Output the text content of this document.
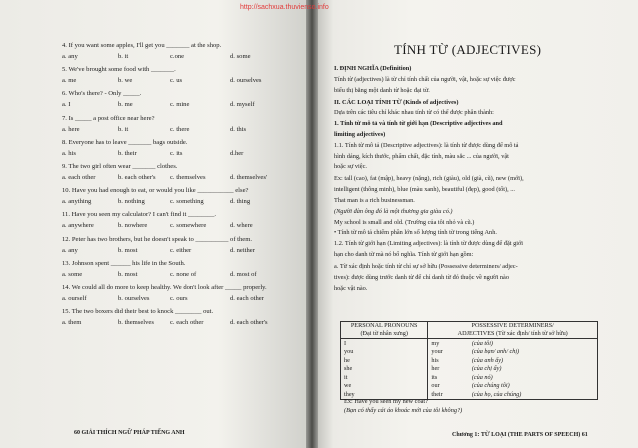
http://sachxua.thuvienso.info
4. If you want some apples, I'll get you _______ at the shop.
a. any	b. it	c.one	d. some
5. We've brought some food with _______.
a. me	b. we	c. us	d. ourselves
6. Who's there? - Only _____.
a. I	b. me	c. mine	d. myself
7. Is _____ a post office near here?
a. here	b. it	c. there	d. this
8. Everyone has to leave _______ bags outside.
a. his	b. their	c. its	d.her
9. The two girl often wear _______ clothes.
a. each other	b. each other's c. themselves	d. themselves'
10. Have you had enough to eat, or would you like ___________ else?
a. anything	b. nothing	c. something	d. thing
11. Have you seen my calculator? I can't find it ________.
a. anywhere	b. nowhere	c. somewhere	d. where
12. Peter has two brothers, but he doesn't speak to __________ of them.
a. any	b. most	c. either	d. neither
13. Johnson spent ______ his life in the South.
a. some	b. most	c. none of	d. most of
14. We could all do more to keep healthy. We don't look after _____ properly.
a. ourself	b. ourselves	c. ours	d. each other
15. The two boxers did their best to knock ________ out.
a. them	b. themselves c. each other	d. each other's
60 GIẢI THÍCH NGỮ PHÁP TIẾNG ANH
TÍNH TỪ (ADJECTIVES)
I. ĐỊNH NGHĨA (Definition)
Tính từ (adjectives) là từ chỉ tính chất của người, vật, hoặc sự việc được
biểu thị bằng một danh từ hoặc đại từ.
II. CÁC LOẠI TÍNH TỪ (Kinds of adjectives)
Dựa trên các tiêu chí khác nhau tính từ có thể được phân thành:
1. Tính từ mô tả và tính từ giới hạn (Descriptive adjectives and
limiting adjectives)
1.1. Tính từ mô tả (Descriptive adjectives): là tính từ được dùng để mô tả
hình dáng, kích thước, phẩm chất, đặc tính, màu sắc ... của người, vật
hoặc sự việc.
Ex: tall (cao), fat (mập), heavy (nặng), rich (giàu), old (già, cũ), new (mới),
intelligent (thông minh), blue (màu xanh), beautiful (đẹp), good (tốt), ...
That man is a rich businessman.
(Người đàn ông đó là một thương gia giàu có.)
My school is small and old. (Trường của tôi nhỏ và cũ.)
• Tính từ mô tả chiếm phần lớn số lượng tính từ trong tiếng Anh.
1.2. Tính từ giới hạn (Limiting adjectives): là tính từ được dùng để đặt giới
hạn cho danh từ mà nó bổ nghĩa. Tính từ giới hạn gồm:
a. Từ xác định hoặc tính từ chỉ sự sở hữu (Possessive determiners/ adjec-
tives): được dùng trước danh từ để chỉ danh từ đó thuộc về người nào
hoặc vật nào.
PERSONAL PRONOUNS
(Đại từ nhân xưng)	POSSESSIVE DETERMINERS/
ADJECTIVES (Từ xác định/ tính từ sở hữu)	
I	my	(của tôi)
you	your	(của bạn/ anh/ chị)
he	his	(của anh ấy)
she	her	(của chị ấy)
it	its	(của nó)
we	our	(của chúng tôi)
they	their	(của họ, của chúng)
Ex: Have you seen my new coat?
(Bạn có thấy cái áo khoác mới của tôi không?)
Chương 1: TỪ LOẠI (THE PARTS OF SPEECH) 61
